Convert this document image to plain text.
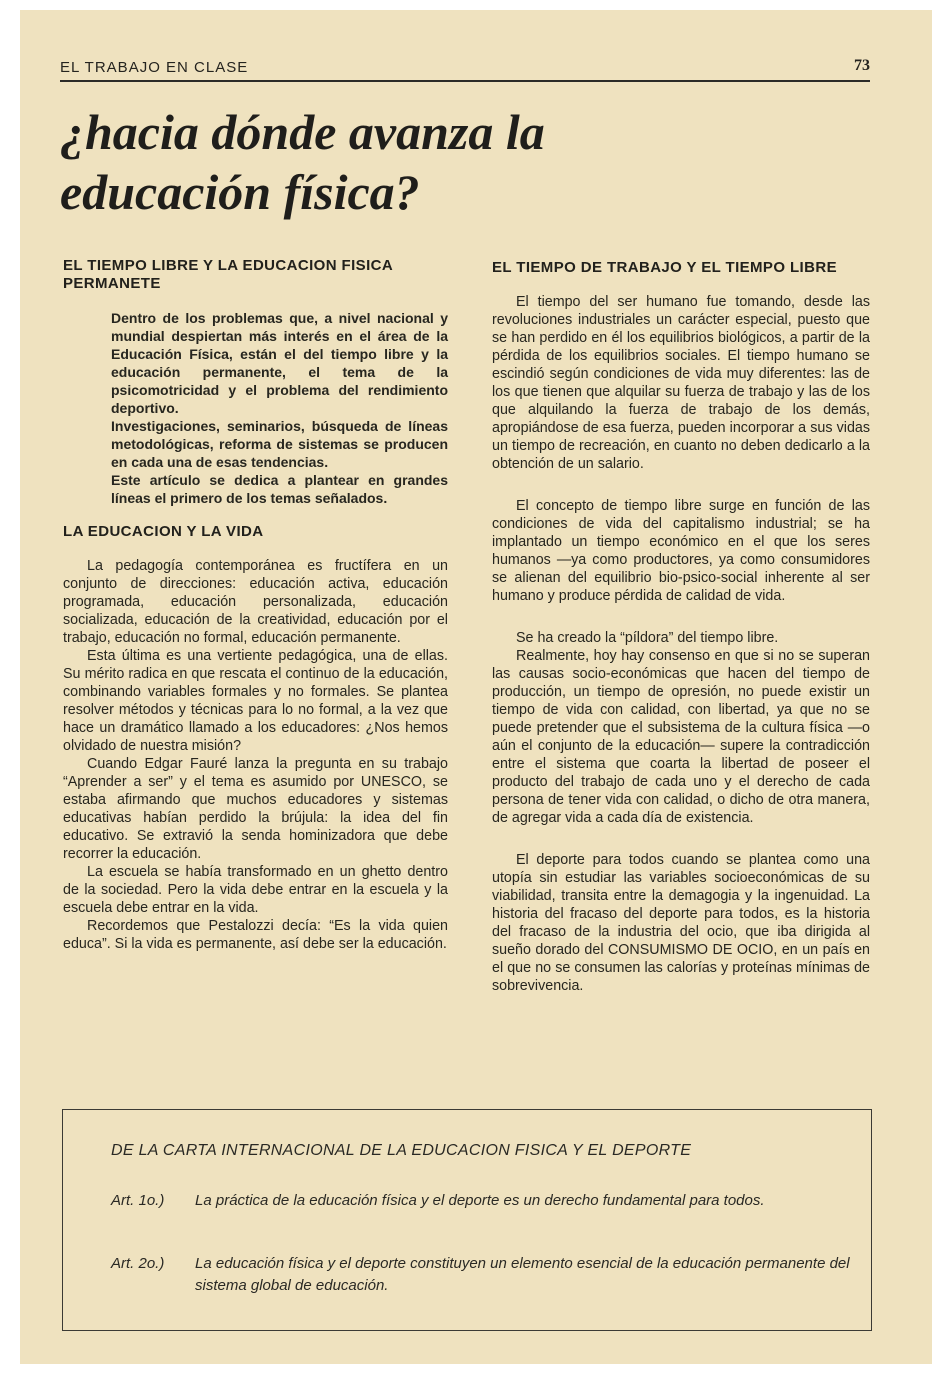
EL TRABAJO EN CLASE	73
¿hacia dónde avanza la
educación física?
EL TIEMPO LIBRE Y LA EDUCACION FISICA PERMANETE

Dentro de los problemas que, a nivel nacional y mundial despiertan más interés en el área de la Educación Física, están el del tiempo libre y la educación permanente, el tema de la psicomotricidad y el problema del rendimiento deportivo.

Investigaciones, seminarios, búsqueda de líneas metodológicas, reforma de sistemas se producen en cada una de esas tendencias.

Este artículo se dedica a plantear en grandes líneas el primero de los temas señalados.

LA EDUCACION Y LA VIDA

La pedagogía contemporánea es fructífera en un conjunto de direcciones: educación activa, educación programada, educación personalizada, educación socializada, educación de la creatividad, educación por el trabajo, educación no formal, educación permanente.

Esta última es una vertiente pedagógica, una de ellas. Su mérito radica en que rescata el continuo de la educación, combinando variables formales y no formales. Se plantea resolver métodos y técnicas para lo no formal, a la vez que hace un dramático llamado a los educadores: ¿Nos hemos olvidado de nuestra misión?

Cuando Edgar Fauré lanza la pregunta en su trabajo “Aprender a ser” y el tema es asumido por UNESCO, se estaba afirmando que muchos educadores y sistemas educativas habían perdido la brújula: la idea del fin educativo. Se extravió la senda hominizadora que debe recorrer la educación.

La escuela se había transformado en un ghetto dentro de la sociedad. Pero la vida debe entrar en la escuela y la escuela debe entrar en la vida.

Recordemos que Pestalozzi decía: “Es la vida quien educa”. Si la vida es permanente, así debe ser la educación.

EL TIEMPO DE TRABAJO Y EL TIEMPO LIBRE

El tiempo del ser humano fue tomando, desde las revoluciones industriales un carácter especial, puesto que se han perdido en él los equilibrios biológicos, a partir de la pérdida de los equilibrios sociales. El tiempo humano se escindió según condiciones de vida muy diferentes: las de los que tienen que alquilar su fuerza de trabajo y las de los que alquilando la fuerza de trabajo de los demás, apropiándose de esa fuerza, pueden incorporar a sus vidas un tiempo de recreación, en cuanto no deben dedicarlo a la obtención de un salario.

El concepto de tiempo libre surge en función de las condiciones de vida del capitalismo industrial; se ha implantado un tiempo económico en el que los seres humanos —ya como productores, ya como consumidores se alienan del equilibrio bio-psico-social inherente al ser humano y produce pérdida de calidad de vida.

Se ha creado la “píldora” del tiempo libre.

Realmente, hoy hay consenso en que si no se superan las causas socio-económicas que hacen del tiempo de producción, un tiempo de opresión, no puede existir un tiempo de vida con calidad, con libertad, ya que no se puede pretender que el subsistema de la cultura física —o aún el conjunto de la educación— supere la contradicción entre el sistema que coarta la libertad de poseer el producto del trabajo de cada uno y el derecho de cada persona de tener vida con calidad, o dicho de otra manera, de agregar vida a cada día de existencia.

El deporte para todos cuando se plantea como una utopía sin estudiar las variables socioeconómicas de su viabilidad, transita entre la demagogia y la ingenuidad. La historia del fracaso del deporte para todos, es la historia del fracaso de la industria del ocio, que iba dirigida al sueño dorado del CONSUMISMO DE OCIO, en un país en el que no se consumen las calorías y proteínas mínimas de sobrevivencia.

DE LA CARTA INTERNACIONAL DE LA EDUCACION FISICA Y EL DEPORTE
Art. 1o.)	La práctica de la educación física y el deporte es un derecho fundamental para todos.
Art. 2o.)	La educación física y el deporte constituyen un elemento esencial de la educación permanente del sistema global de educación.
